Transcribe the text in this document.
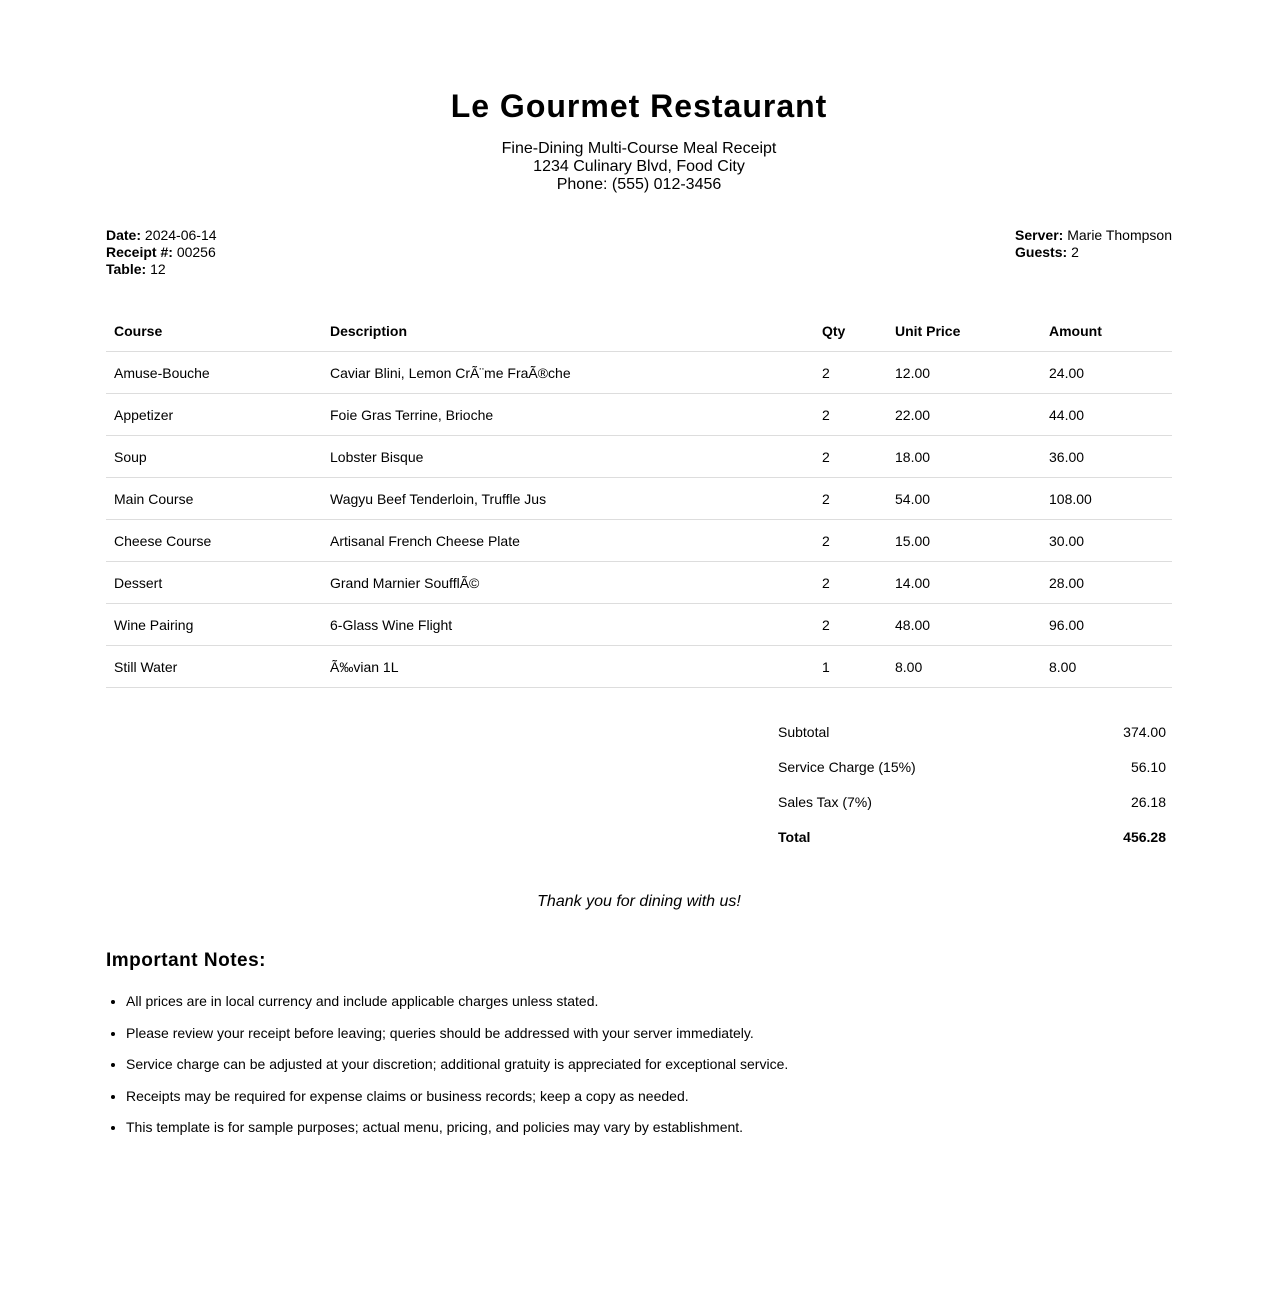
Le Gourmet Restaurant
Fine-Dining Multi-Course Meal Receipt
1234 Culinary Blvd, Food City
Phone: (555) 012-3456
Date: 2024-06-14
Receipt #: 00256
Table: 12
Server: Marie Thompson
Guests: 2
Course	Description	Qty	Unit Price	Amount
Amuse-Bouche	Caviar Blini, Lemon CrÃ¨me FraÃ®che	2	12.00	24.00
Appetizer	Foie Gras Terrine, Brioche	2	22.00	44.00
Soup	Lobster Bisque	2	18.00	36.00
Main Course	Wagyu Beef Tenderloin, Truffle Jus	2	54.00	108.00
Cheese Course	Artisanal French Cheese Plate	2	15.00	30.00
Dessert	Grand Marnier SoufflÃ©	2	14.00	28.00
Wine Pairing	6-Glass Wine Flight	2	48.00	96.00
Still Water	Ã‰vian 1L	1	8.00	8.00
Subtotal	374.00
Service Charge (15%)	56.10
Sales Tax (7%)	26.18
Total	456.28
Thank you for dining with us!
Important Notes:
• All prices are in local currency and include applicable charges unless stated.
• Please review your receipt before leaving; queries should be addressed with your server immediately.
• Service charge can be adjusted at your discretion; additional gratuity is appreciated for exceptional service.
• Receipts may be required for expense claims or business records; keep a copy as needed.
• This template is for sample purposes; actual menu, pricing, and policies may vary by establishment.
